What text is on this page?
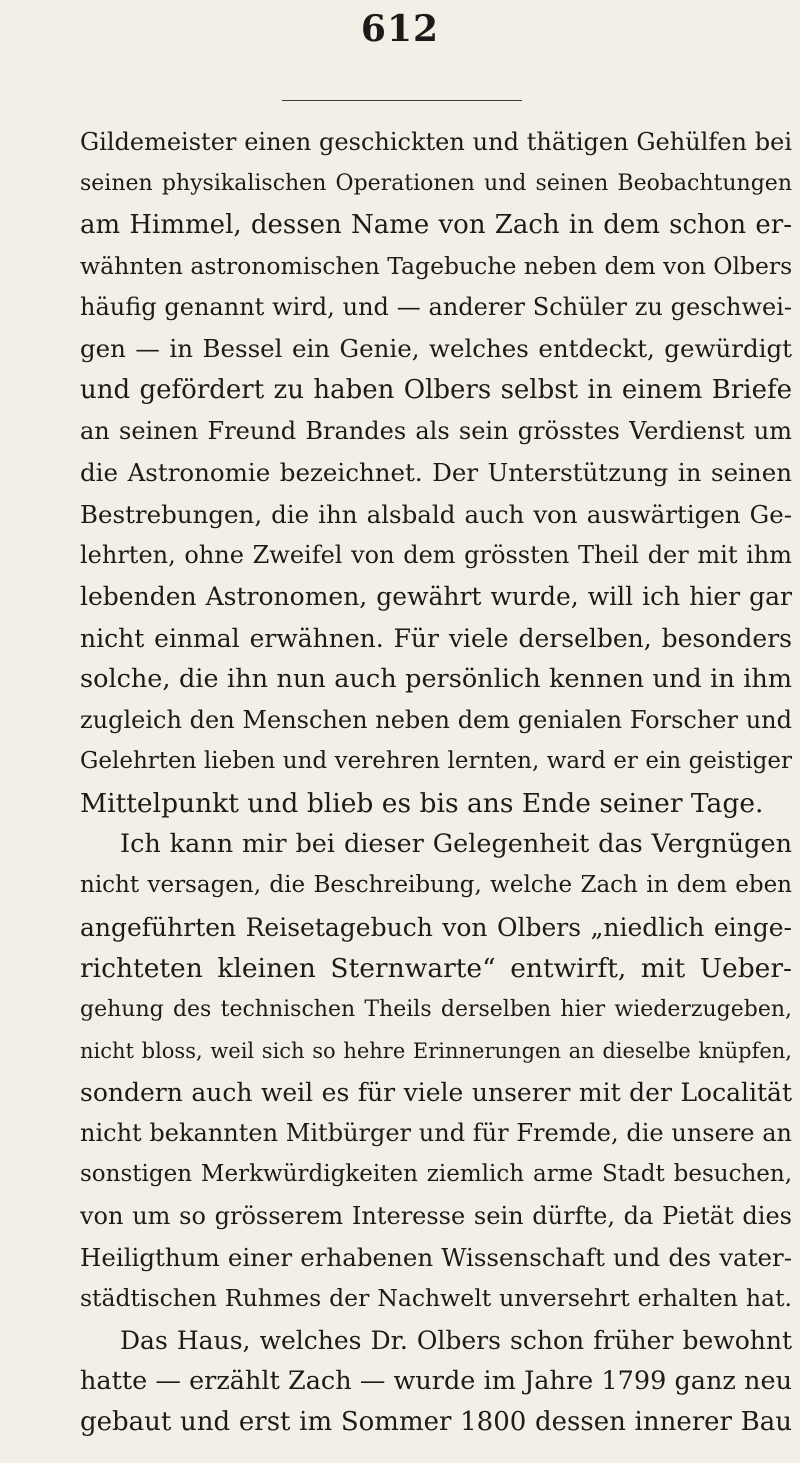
612
Gildemeister einen geschickten und thätigen Gehülfen bei
seinen physikalischen Operationen und seinen Beobachtungen
am Himmel, dessen Name von Zach in dem schon er-
wähnten astronomischen Tagebuche neben dem von Olbers
häufig genannt wird, und — anderer Schüler zu geschwei-
gen — in Bessel ein Genie, welches entdeckt, gewürdigt
und gefördert zu haben Olbers selbst in einem Briefe
an seinen Freund Brandes als sein grösstes Verdienst um
die Astronomie bezeichnet. Der Unterstützung in seinen
Bestrebungen, die ihn alsbald auch von auswärtigen Ge-
lehrten, ohne Zweifel von dem grössten Theil der mit ihm
lebenden Astronomen, gewährt wurde, will ich hier gar
nicht einmal erwähnen. Für viele derselben, besonders
solche, die ihn nun auch persönlich kennen und in ihm
zugleich den Menschen neben dem genialen Forscher und
Gelehrten lieben und verehren lernten, ward er ein geistiger
Mittelpunkt und blieb es bis ans Ende seiner Tage.
Ich kann mir bei dieser Gelegenheit das Vergnügen
nicht versagen, die Beschreibung, welche Zach in dem eben
angeführten Reisetagebuch von Olbers „niedlich einge-
richteten kleinen Sternwarte“ entwirft, mit Ueber-
gehung des technischen Theils derselben hier wiederzugeben,
nicht bloss, weil sich so hehre Erinnerungen an dieselbe knüpfen,
sondern auch weil es für viele unserer mit der Localität
nicht bekannten Mitbürger und für Fremde, die unsere an
sonstigen Merkwürdigkeiten ziemlich arme Stadt besuchen,
von um so grösserem Interesse sein dürfte, da Pietät dies
Heiligthum einer erhabenen Wissenschaft und des vater-
städtischen Ruhmes der Nachwelt unversehrt erhalten hat.
Das Haus, welches Dr. Olbers schon früher bewohnt
hatte — erzählt Zach — wurde im Jahre 1799 ganz neu
gebaut und erst im Sommer 1800 dessen innerer Bau
